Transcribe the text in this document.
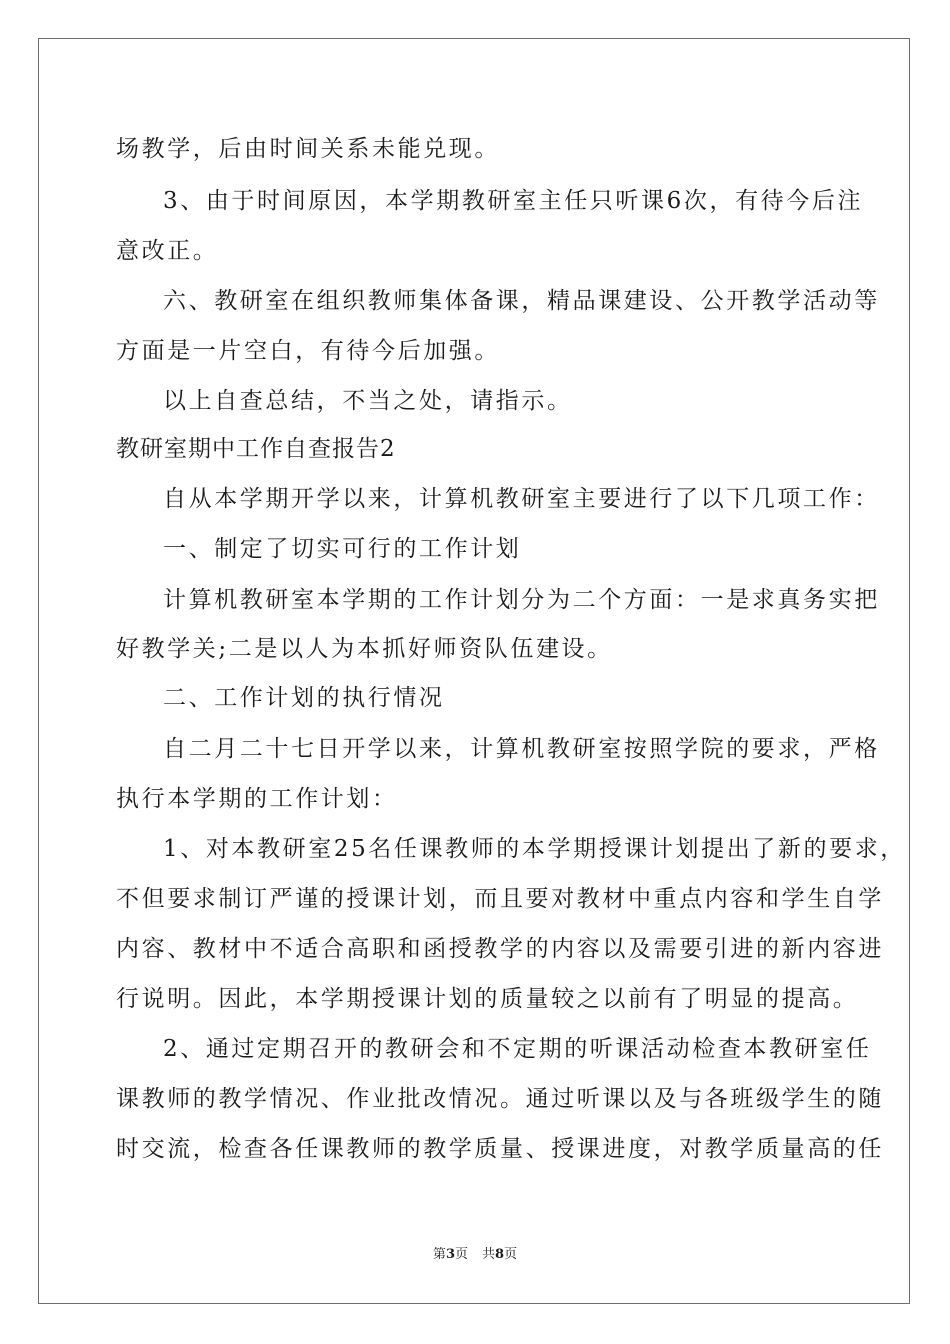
场教学，后由时间关系未能兑现。
3、由于时间原因，本学期教研室主任只听课6次，有待今后注
意改正。
六、教研室在组织教师集体备课，精品课建设、公开教学活动等
方面是一片空白，有待今后加强。
以上自查总结，不当之处，请指示。
教研室期中工作自查报告2
自从本学期开学以来，计算机教研室主要进行了以下几项工作：
一、制定了切实可行的工作计划
计算机教研室本学期的工作计划分为二个方面：一是求真务实把
好教学关;二是以人为本抓好师资队伍建设。
二、工作计划的执行情况
自二月二十七日开学以来，计算机教研室按照学院的要求，严格
执行本学期的工作计划：
1、对本教研室25名任课教师的本学期授课计划提出了新的要求，
不但要求制订严谨的授课计划，而且要对教材中重点内容和学生自学
内容、教材中不适合高职和函授教学的内容以及需要引进的新内容进
行说明。因此，本学期授课计划的质量较之以前有了明显的提高。
2、通过定期召开的教研会和不定期的听课活动检查本教研室任
课教师的教学情况、作业批改情况。通过听课以及与各班级学生的随
时交流，检查各任课教师的教学质量、授课进度，对教学质量高的任
第3页 共8页
